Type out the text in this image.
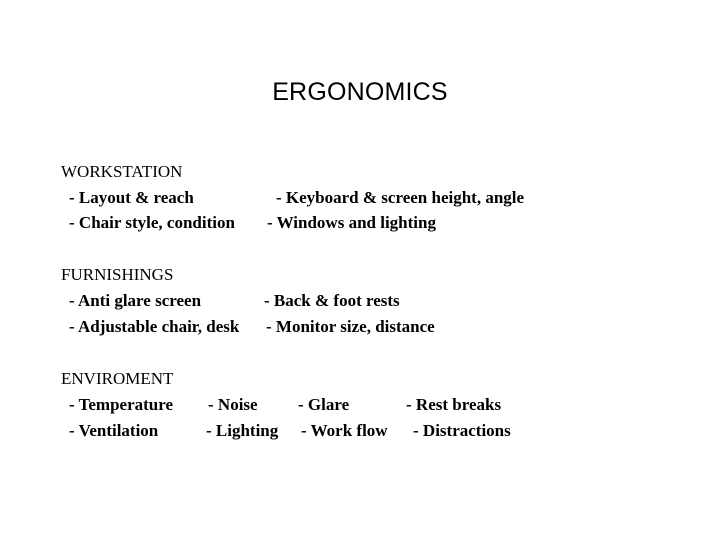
ERGONOMICS
WORKSTATION
- Layout & reach	- Keyboard & screen height, angle
- Chair style, condition - Windows and lighting
FURNISHINGS
- Anti glare screen	- Back & foot rests
- Adjustable chair, desk - Monitor size, distance
ENVIROMENT
- Temperature - Noise - Glare	- Rest breaks
- Ventilation	- Lighting - Work flow - Distractions
